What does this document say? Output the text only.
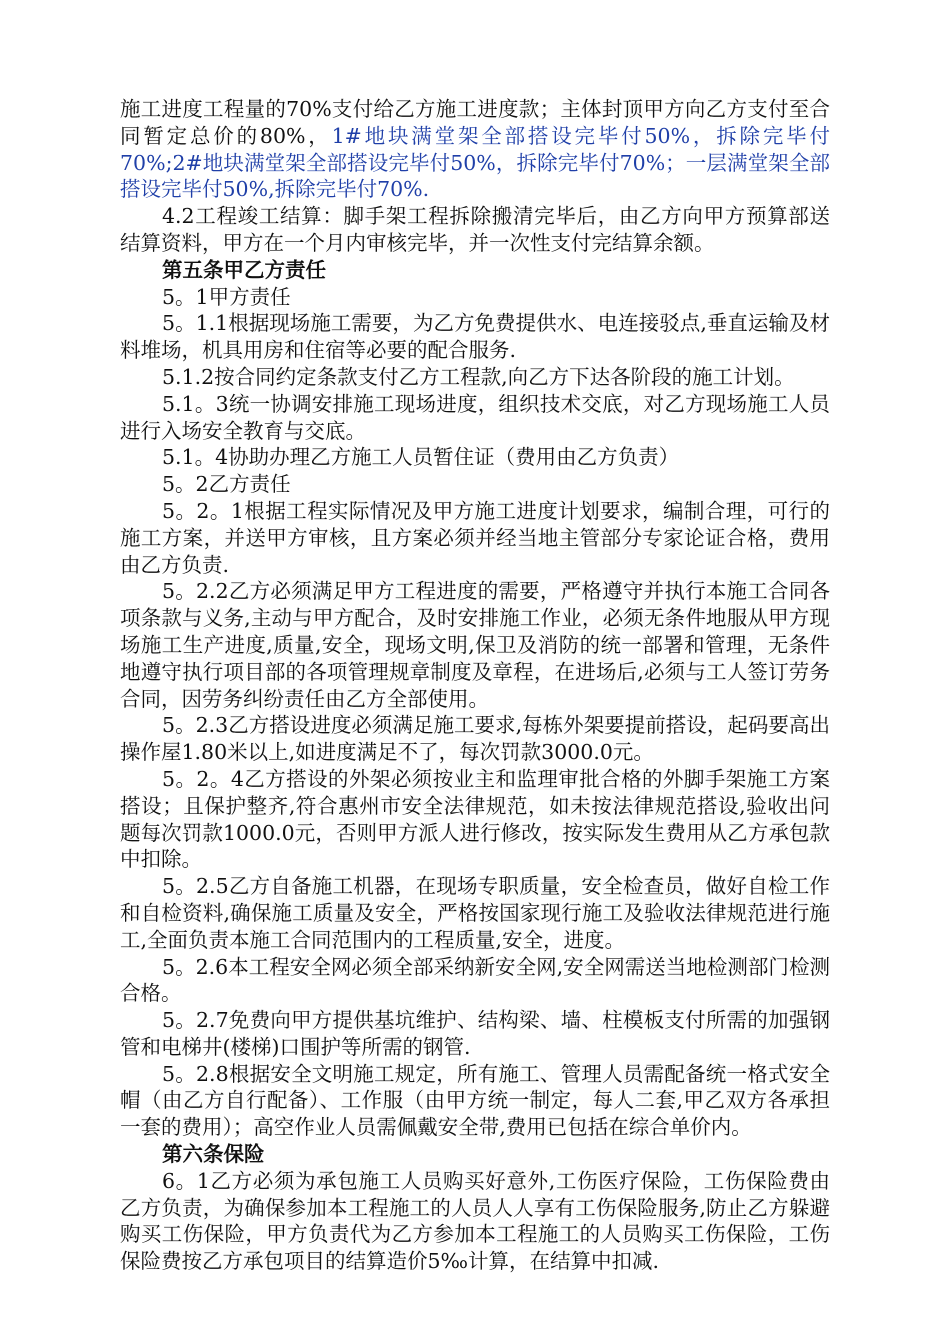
施工进度工程量的70%支付给乙方施工进度款；主体封顶甲方向乙方支付至合同暂定总价的80%，1#地块满堂架全部搭设完毕付50%，拆除完毕付70%;2#地块满堂架全部搭设完毕付50%，拆除完毕付70%；一层满堂架全部搭设完毕付50%,拆除完毕付70%.

4.2工程竣工结算：脚手架工程拆除搬清完毕后，由乙方向甲方预算部送结算资料，甲方在一个月内审核完毕，并一次性支付完结算余额。

第五条甲乙方责任

5。1甲方责任

5。1.1根据现场施工需要，为乙方免费提供水、电连接驳点,垂直运输及材料堆场，机具用房和住宿等必要的配合服务.

5.1.2按合同约定条款支付乙方工程款,向乙方下达各阶段的施工计划。

5.1。3统一协调安排施工现场进度，组织技术交底，对乙方现场施工人员进行入场安全教育与交底。

5.1。4协助办理乙方施工人员暂住证（费用由乙方负责）

5。2乙方责任

5。2。1根据工程实际情况及甲方施工进度计划要求，编制合理，可行的施工方案，并送甲方审核，且方案必须并经当地主管部分专家论证合格，费用由乙方负责.

5。2.2乙方必须满足甲方工程进度的需要，严格遵守并执行本施工合同各项条款与义务,主动与甲方配合，及时安排施工作业，必须无条件地服从甲方现场施工生产进度,质量,安全，现场文明,保卫及消防的统一部署和管理，无条件地遵守执行项目部的各项管理规章制度及章程，在进场后,必须与工人签订劳务合同，因劳务纠纷责任由乙方全部使用。

5。2.3乙方搭设进度必须满足施工要求,每栋外架要提前搭设，起码要高出操作屋1.80米以上,如进度满足不了，每次罚款3000.0元。

5。2。4乙方搭设的外架必须按业主和监理审批合格的外脚手架施工方案搭设；且保护整齐,符合惠州市安全法律规范，如未按法律规范搭设,验收出问题每次罚款1000.0元，否则甲方派人进行修改，按实际发生费用从乙方承包款中扣除。

5。2.5乙方自备施工机器，在现场专职质量，安全检查员，做好自检工作和自检资料,确保施工质量及安全，严格按国家现行施工及验收法律规范进行施工,全面负责本施工合同范围内的工程质量,安全，进度。

5。2.6本工程安全网必须全部采纳新安全网,安全网需送当地检测部门检测合格。

5。2.7免费向甲方提供基坑维护、结构梁、墙、柱模板支付所需的加强钢管和电梯井(楼梯)口围护等所需的钢管.

5。2.8根据安全文明施工规定，所有施工、管理人员需配备统一格式安全帽（由乙方自行配备）、工作服（由甲方统一制定，每人二套,甲乙双方各承担一套的费用）；高空作业人员需佩戴安全带,费用已包括在综合单价内。

第六条保险

6。1乙方必须为承包施工人员购买好意外,工伤医疗保险，工伤保险费由乙方负责，为确保参加本工程施工的人员人人享有工伤保险服务,防止乙方躲避购买工伤保险，甲方负责代为乙方参加本工程施工的人员购买工伤保险，工伤保险费按乙方承包项目的结算造价5‰计算，在结算中扣减.
